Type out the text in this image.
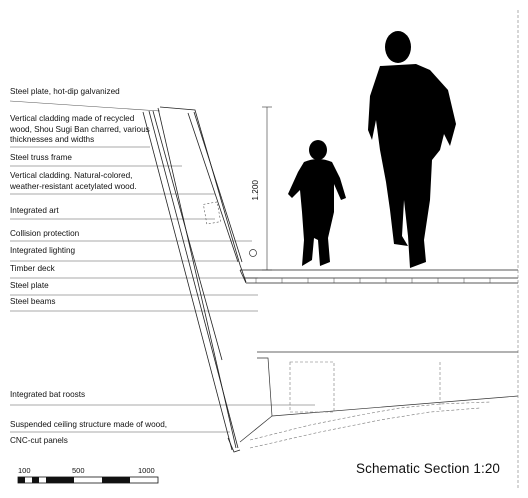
Steel plate, hot-dip galvanized
Vertical cladding made of recycled
wood, Shou Sugi Ban charred, various
thicknesses and widths
Steel truss frame
Vertical cladding. Natural-colored,
weather-resistant acetylated wood.
Integrated art
Collision protection
Integrated lighting
Timber deck
Steel plate
Steel beams
Integrated bat roosts
Suspended ceiling structure made of wood,
CNC-cut panels
1.200
100	500	1000	Schematic Section 1:20
